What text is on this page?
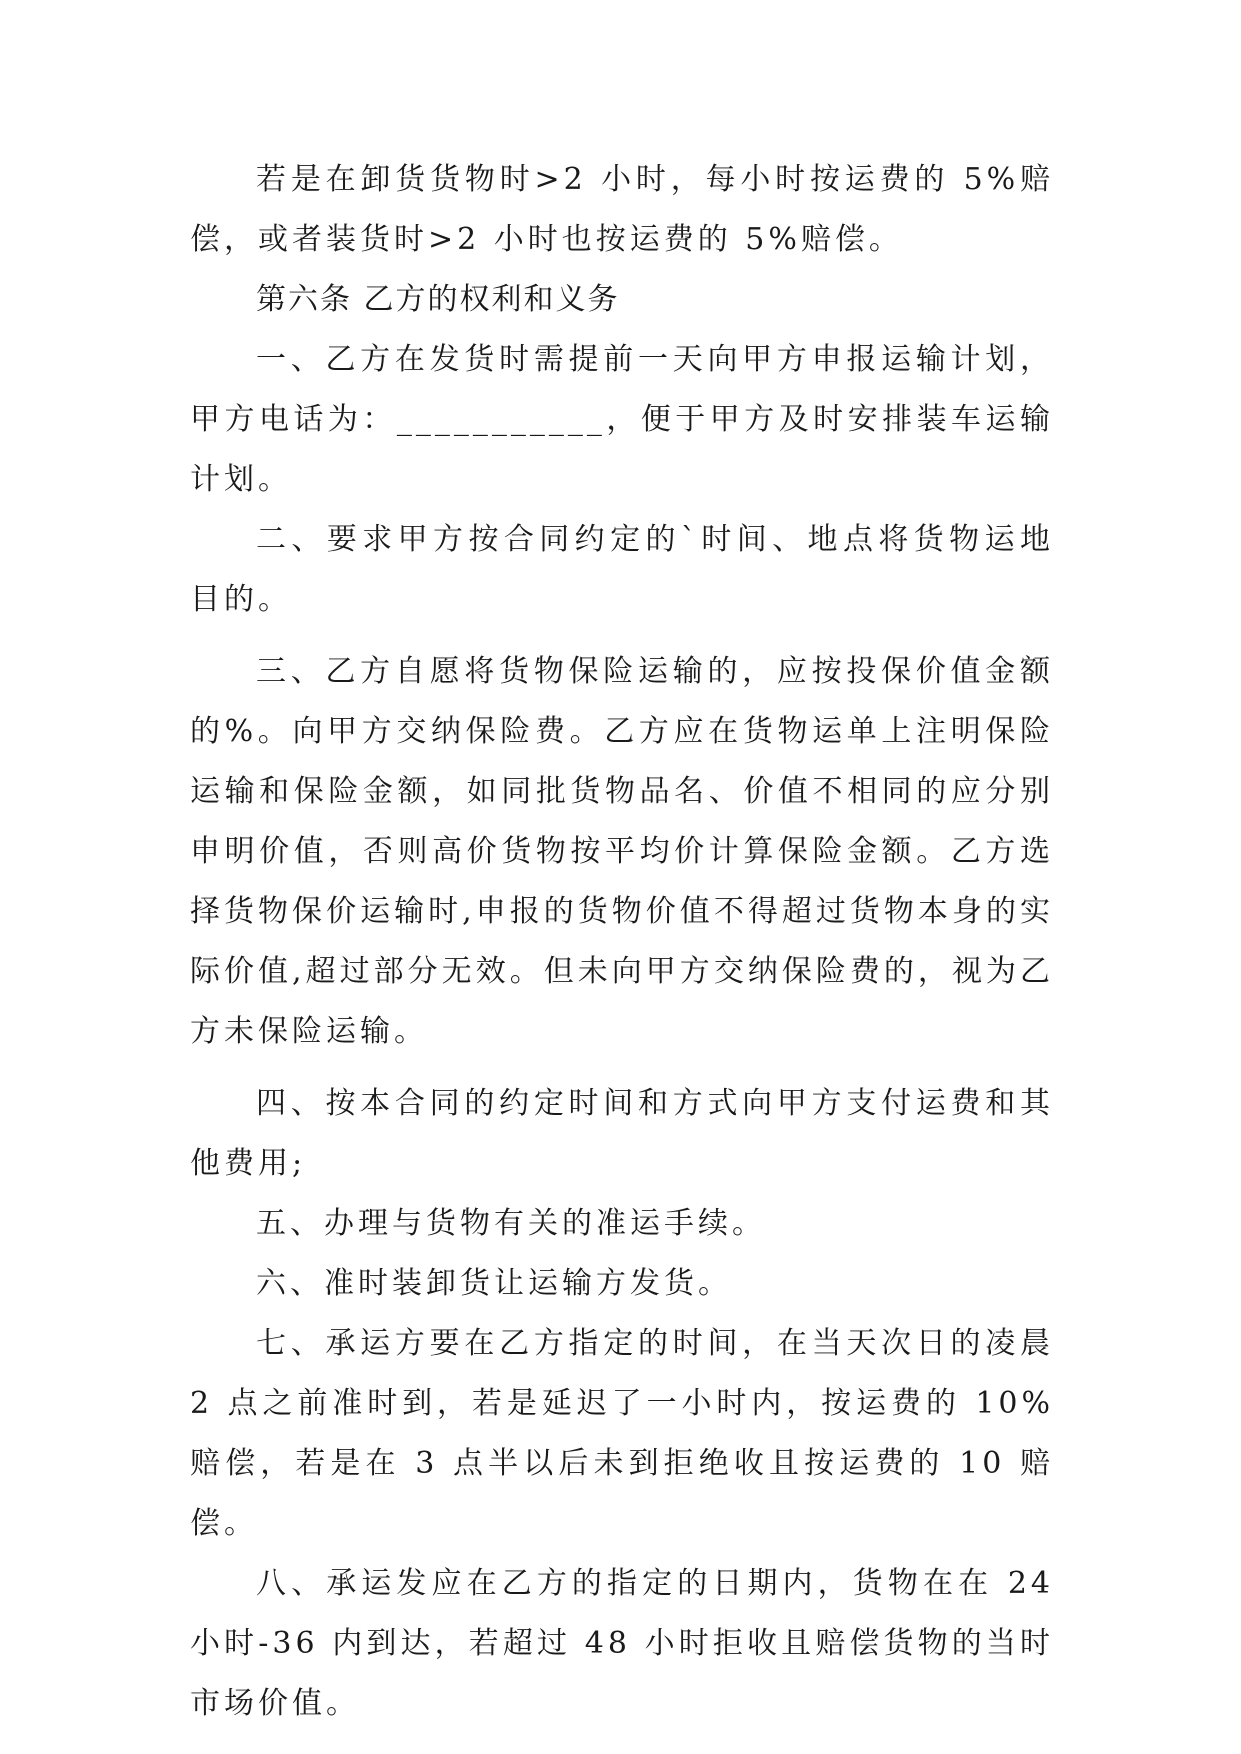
若是在卸货货物时>2 小时，每小时按运费的 5%赔偿，或者装货时>2 小时也按运费的 5%赔偿。

第六条 乙方的权利和义务

一、乙方在发货时需提前一天向甲方申报运输计划，甲方电话为：___________，便于甲方及时安排装车运输计划。

二、要求甲方按合同约定的`时间、地点将货物运地目的。

三、乙方自愿将货物保险运输的，应按投保价值金额的%。向甲方交纳保险费。乙方应在货物运单上注明保险运输和保险金额，如同批货物品名、价值不相同的应分别申明价值，否则高价货物按平均价计算保险金额。乙方选择货物保价运输时,申报的货物价值不得超过货物本身的实际价值,超过部分无效。但未向甲方交纳保险费的，视为乙方未保险运输。

四、按本合同的约定时间和方式向甲方支付运费和其他费用;

五、办理与货物有关的准运手续。

六、准时装卸货让运输方发货。

七、承运方要在乙方指定的时间，在当天次日的凌晨 2 点之前准时到，若是延迟了一小时内，按运费的 10%赔偿，若是在 3 点半以后未到拒绝收且按运费的 10 赔偿。

八、承运发应在乙方的指定的日期内，货物在在 24 小时-36 内到达，若超过 48 小时拒收且赔偿货物的当时市场价值。
